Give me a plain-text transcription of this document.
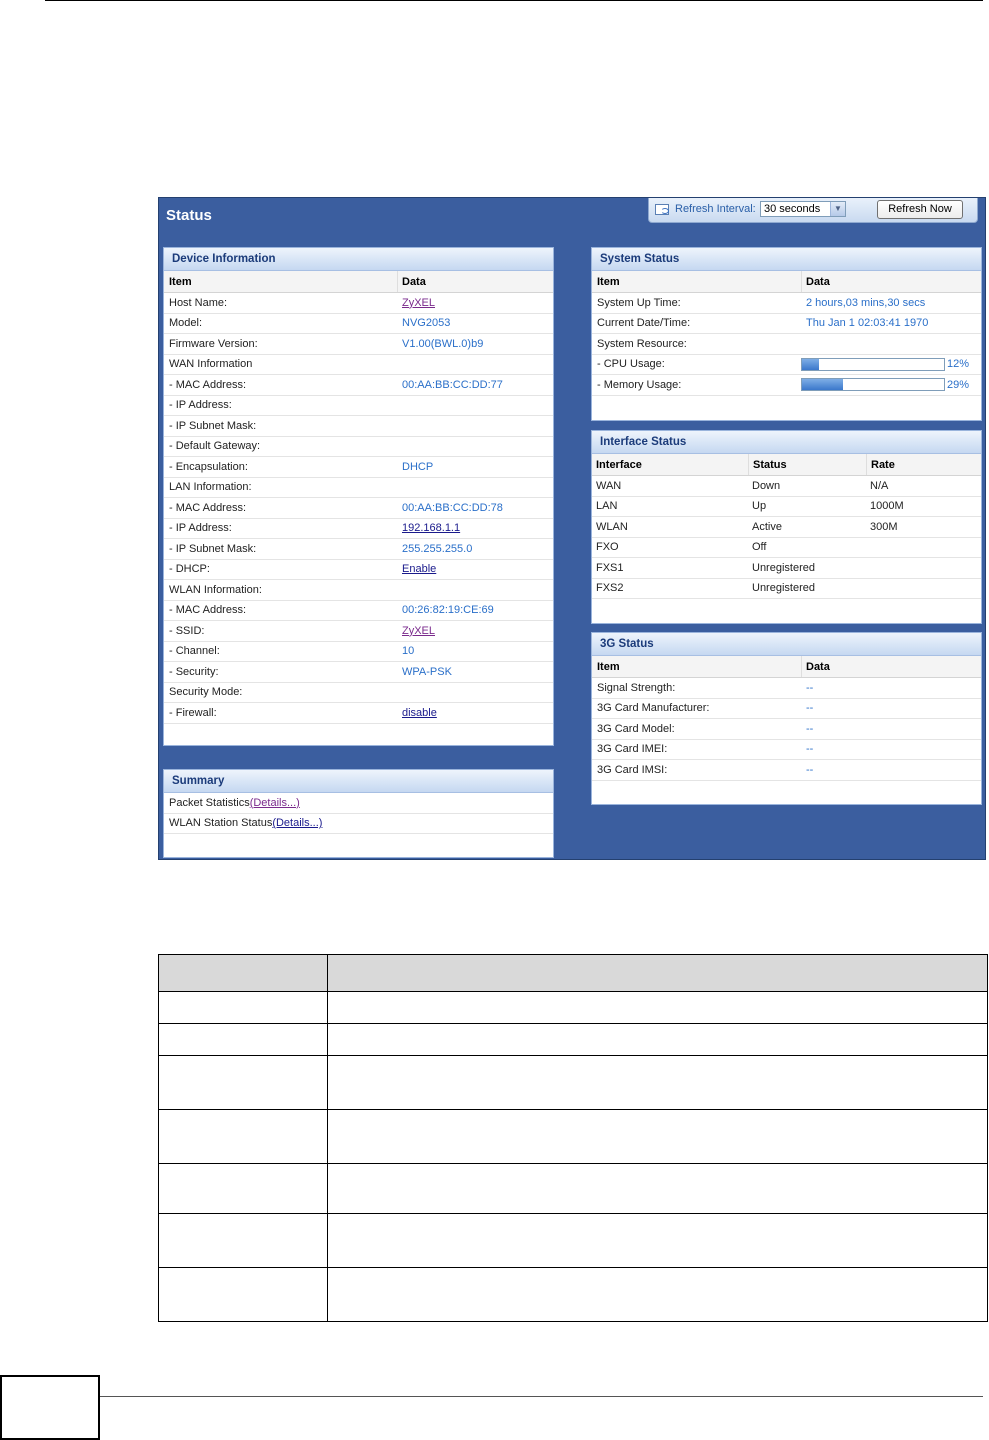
Status	Refresh Interval: 30 seconds	▼	Refresh Now
Device Information
Item	Data
Host Name:	ZyXEL
Model:	NVG2053
Firmware Version:	V1.00(BWL.0)b9
WAN Information
- MAC Address:	00:AA:BB:CC:DD:77
- IP Address:
- IP Subnet Mask:
- Default Gateway:
- Encapsulation:	DHCP
LAN Information:
- MAC Address:	00:AA:BB:CC:DD:78
- IP Address:	192.168.1.1
- IP Subnet Mask:	255.255.255.0
- DHCP:	Enable
WLAN Information:
- MAC Address:	00:26:82:19:CE:69
- SSID:	ZyXEL
- Channel:	10
- Security:	WPA-PSK
Security Mode:
- Firewall:	disable
Summary
Packet Statistics (Details...)
WLAN Station Status (Details...)
System Status
Item	Data
System Up Time:	2 hours,03 mins,30 secs
Current Date/Time:	Thu Jan 1 02:03:41 1970
System Resource:
- CPU Usage:	12%
- Memory Usage:	29%
Interface Status
Interface	Status	Rate
WAN	Down	N/A
LAN	Up	1000M
WLAN	Active	300M
FXO	Off
FXS1	Unregistered
FXS2	Unregistered
3G Status
Item	Data
Signal Strength:	--
3G Card Manufacturer:	--
3G Card Model:	--
3G Card IMEI:	--
3G Card IMSI:	--
